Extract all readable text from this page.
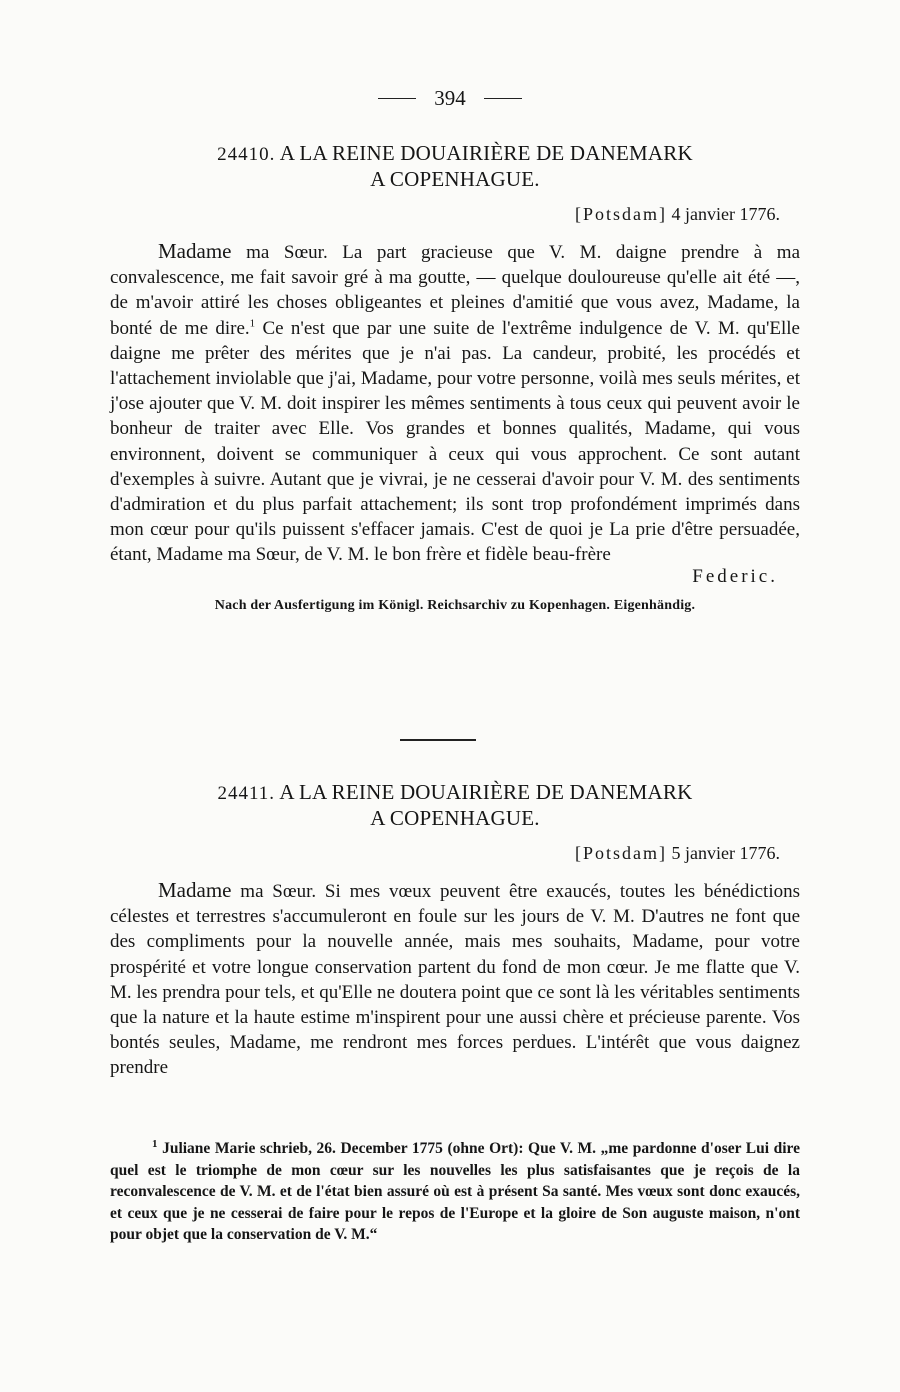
394
24410. A LA REINE DOUAIRIÈRE DE DANEMARK
A COPENHAGUE.
[Potsdam] 4 janvier 1776.
Madame ma Sœur. La part gracieuse que V. M. daigne prendre à ma convalescence, me fait savoir gré à ma goutte, — quelque douloureuse qu'elle ait été —, de m'avoir attiré les choses obligeantes et pleines d'amitié que vous avez, Madame, la bonté de me dire.$^1$ Ce n'est que par une suite de l'extrême indulgence de V. M. qu'Elle daigne me prêter des mérites que je n'ai pas. La candeur, probité, les procédés et l'attachement inviolable que j'ai, Madame, pour votre personne, voilà mes seuls mérites, et j'ose ajouter que V. M. doit inspirer les mêmes sentiments à tous ceux qui peuvent avoir le bonheur de traiter avec Elle. Vos grandes et bonnes qualités, Madame, qui vous environnent, doivent se communiquer à ceux qui vous approchent. Ce sont autant d'exemples à suivre. Autant que je vivrai, je ne cesserai d'avoir pour V. M. des sentiments d'admiration et du plus parfait attachement; ils sont trop profondément imprimés dans mon cœur pour qu'ils puissent s'effacer jamais. C'est de quoi je La prie d'être persuadée, étant, Madame ma Sœur, de V. M. le bon frère et fidèle beau-frère
Federic.
Nach der Ausfertigung im Königl. Reichsarchiv zu Kopenhagen. Eigenhändig.
24411. A LA REINE DOUAIRIÈRE DE DANEMARK
A COPENHAGUE.
[Potsdam] 5 janvier 1776.
Madame ma Sœur. Si mes vœux peuvent être exaucés, toutes les bénédictions célestes et terrestres s'accumuleront en foule sur les jours de V. M. D'autres ne font que des compliments pour la nouvelle année, mais mes souhaits, Madame, pour votre prospérité et votre longue conservation partent du fond de mon cœur. Je me flatte que V. M. les prendra pour tels, et qu'Elle ne doutera point que ce sont là les véritables sentiments que la nature et la haute estime m'inspirent pour une aussi chère et précieuse parente. Vos bontés seules, Madame, me rendront mes forces perdues. L'intérêt que vous daignez prendre
$^1$ Juliane Marie schrieb, 26. December 1775 (ohne Ort): Que V. M. „me pardonne d'oser Lui dire quel est le triomphe de mon cœur sur les nouvelles les plus satisfaisantes que je reçois de la reconvalescence de V. M. et de l'état bien assuré où est à présent Sa santé. Mes vœux sont donc exaucés, et ceux que je ne cesserai de faire pour le repos de l'Europe et la gloire de Son auguste maison, n'ont pour objet que la conservation de V. M.“
